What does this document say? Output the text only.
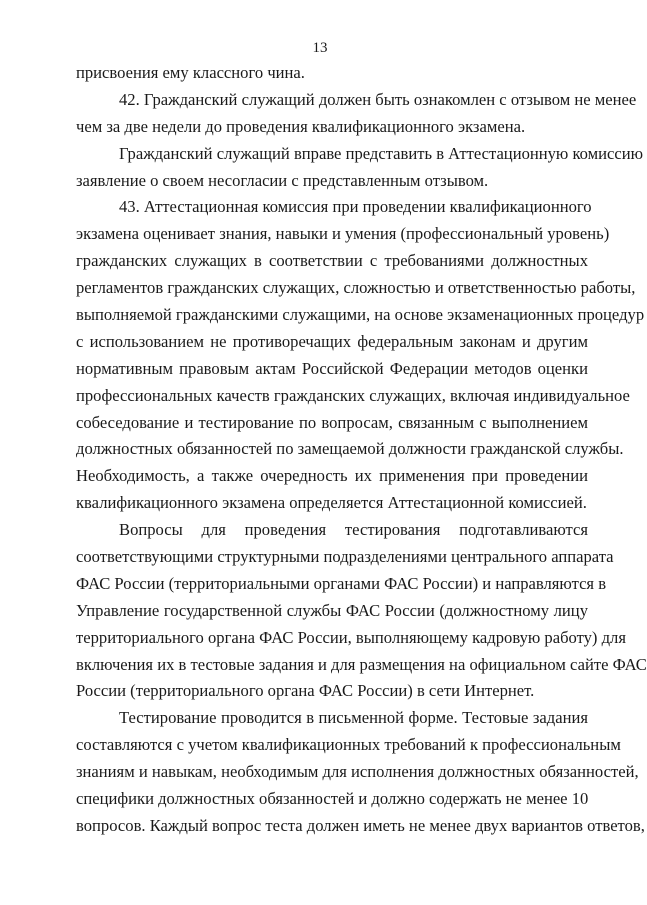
13
присвоения ему классного чина.
42. Гражданский служащий должен быть ознакомлен с отзывом не менее
чем за две недели до проведения квалификационного экзамена.
Гражданский служащий вправе представить в Аттестационную комиссию
заявление о своем несогласии с представленным отзывом.
43. Аттестационная комиссия при проведении квалификационного
экзамена оценивает знания, навыки и умения (профессиональный уровень)
гражданских служащих в соответствии с требованиями должностных
регламентов гражданских служащих, сложностью и ответственностью работы,
выполняемой гражданскими служащими, на основе экзаменационных процедур
с использованием не противоречащих федеральным законам и другим
нормативным правовым актам Российской Федерации методов оценки
профессиональных качеств гражданских служащих, включая индивидуальное
собеседование и тестирование по вопросам, связанным с выполнением
должностных обязанностей по замещаемой должности гражданской службы.
Необходимость, а также очередность их применения при проведении
квалификационного экзамена определяется Аттестационной комиссией.
Вопросы для проведения тестирования подготавливаются
соответствующими структурными подразделениями центрального аппарата
ФАС России (территориальными органами ФАС России) и направляются в
Управление государственной службы ФАС России (должностному лицу
территориального органа ФАС России, выполняющему кадровую работу) для
включения их в тестовые задания и для размещения на официальном сайте ФАС
России (территориального органа ФАС России) в сети Интернет.
Тестирование проводится в письменной форме. Тестовые задания
составляются с учетом квалификационных требований к профессиональным
знаниям и навыкам, необходимым для исполнения должностных обязанностей,
специфики должностных обязанностей и должно содержать не менее 10
вопросов. Каждый вопрос теста должен иметь не менее двух вариантов ответов,
